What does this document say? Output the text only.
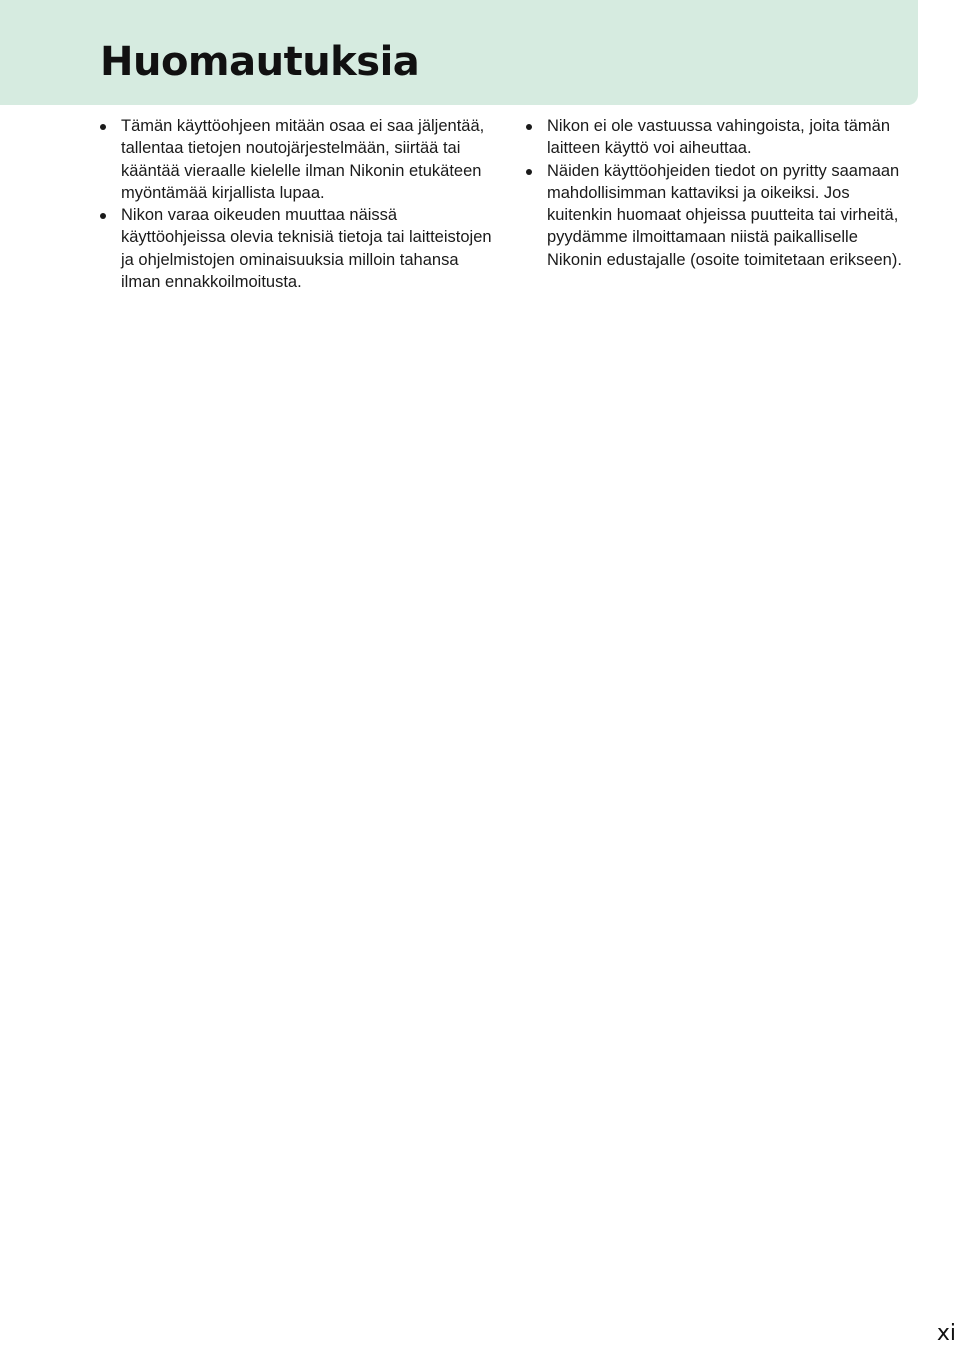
Huomautuksia
Tämän käyttöohjeen mitään osaa ei saa jäljentää, tallentaa tietojen noutojärjestelmään, siirtää tai kääntää vieraalle kielelle ilman Nikonin etukäteen myöntämää kirjallista lupaa.
Nikon varaa oikeuden muuttaa näissä käyttöohjeissa olevia teknisiä tietoja tai laitteistojen ja ohjelmistojen ominaisuuksia milloin tahansa ilman ennakkoilmoitusta.
Nikon ei ole vastuussa vahingoista, joita tämän laitteen käyttö voi aiheuttaa.
Näiden käyttöohjeiden tiedot on pyritty saamaan mahdollisimman kattaviksi ja oikeiksi. Jos kuitenkin huomaat ohjeissa puutteita tai virheitä, pyydämme ilmoittamaan niistä paikalliselle Nikonin edustajalle (osoite toimitetaan erikseen).
xi
